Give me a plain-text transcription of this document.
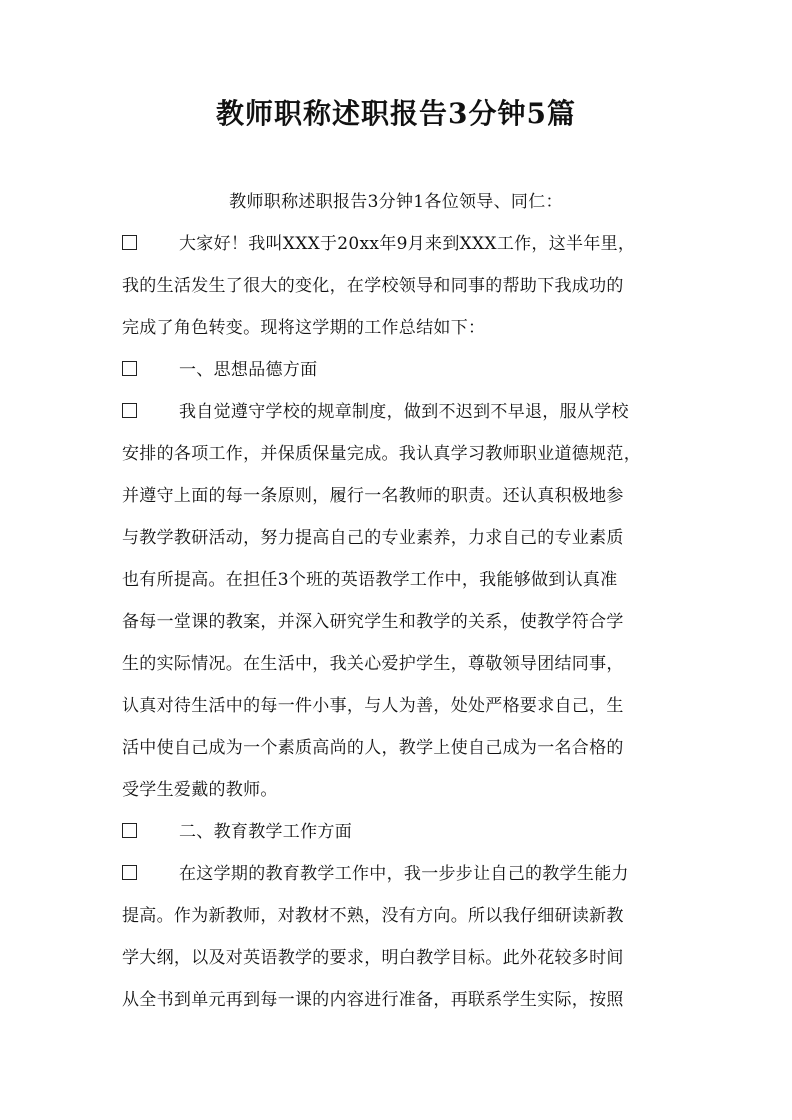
教师职称述职报告3分钟5篇
教师职称述职报告3分钟1各位领导、同仁：
大家好！我叫XXX于20xx年9月来到XXX工作，这半年里，
我的生活发生了很大的变化，在学校领导和同事的帮助下我成功的
完成了角色转变。现将这学期的工作总结如下：
一、思想品德方面
我自觉遵守学校的规章制度，做到不迟到不早退，服从学校
安排的各项工作，并保质保量完成。我认真学习教师职业道德规范，
并遵守上面的每一条原则，履行一名教师的职责。还认真积极地参
与教学教研活动，努力提高自己的专业素养，力求自己的专业素质
也有所提高。在担任3个班的英语教学工作中，我能够做到认真准
备每一堂课的教案，并深入研究学生和教学的关系，使教学符合学
生的实际情况。在生活中，我关心爱护学生，尊敬领导团结同事，
认真对待生活中的每一件小事，与人为善，处处严格要求自己，生
活中使自己成为一个素质高尚的人，教学上使自己成为一名合格的
受学生爱戴的教师。
二、教育教学工作方面
在这学期的教育教学工作中，我一步步让自己的教学生能力
提高。作为新教师，对教材不熟，没有方向。所以我仔细研读新教
学大纲，以及对英语教学的要求，明白教学目标。此外花较多时间
从全书到单元再到每一课的内容进行准备，再联系学生实际，按照
